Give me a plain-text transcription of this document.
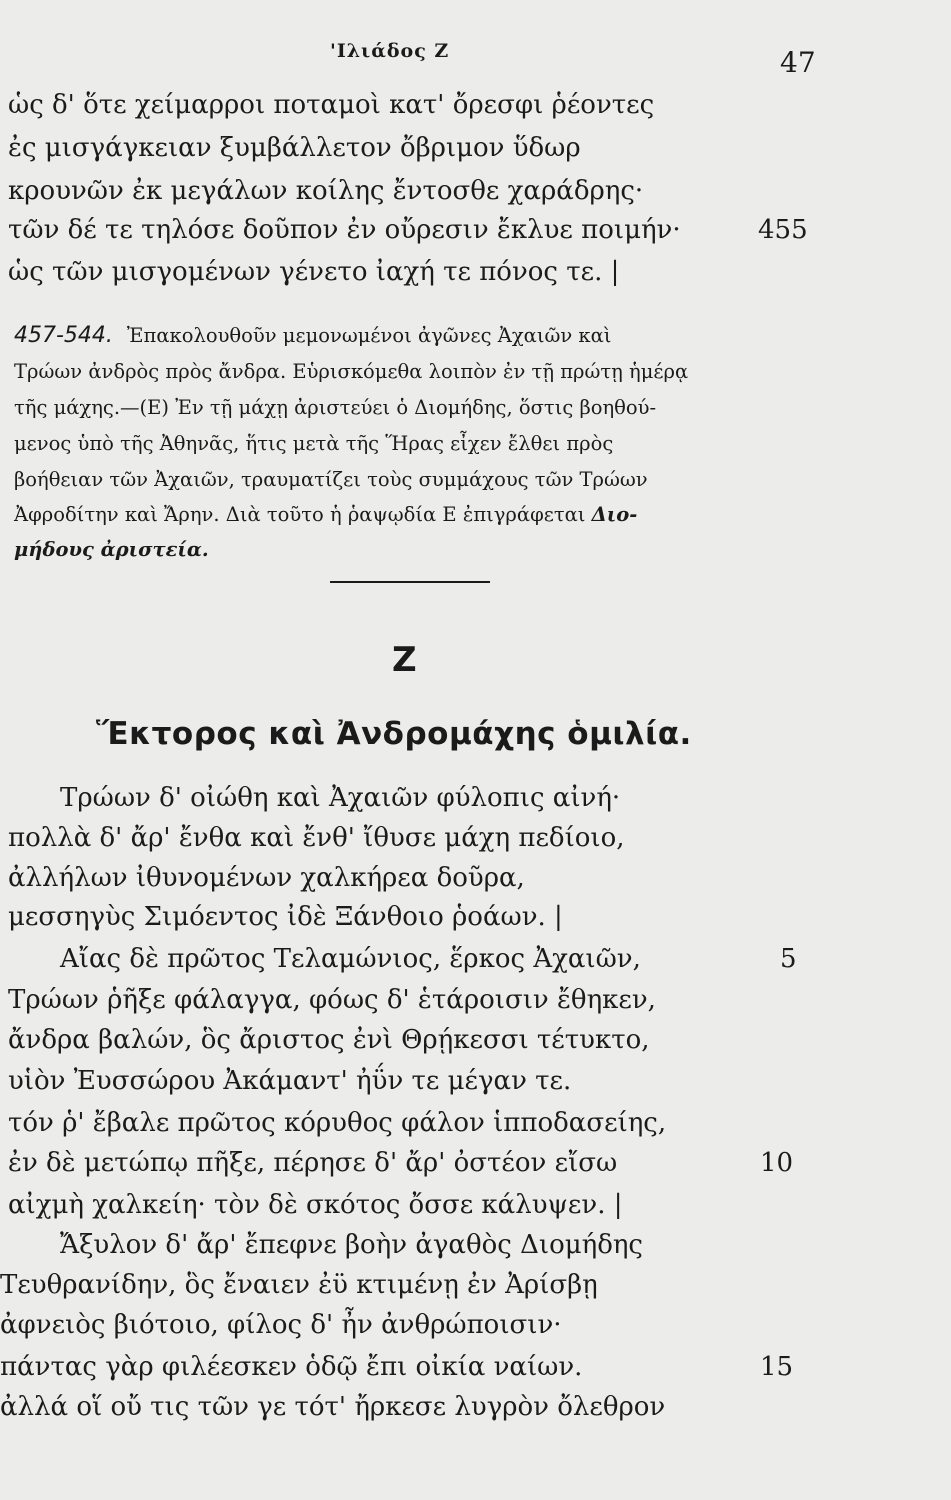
'Ιλιάδος Ζ	47
ὡς δ' ὅτε χείμαρροι ποταμοὶ κατ' ὄρεσφι ῥέοντες
ἐς μισγάγκειαν ξυμβάλλετον ὄβριμον ὕδωρ
κρουνῶν ἐκ μεγάλων κοίλης ἔντοσθε χαράδρης·
τῶν δέ τε τηλόσε δοῦπον ἐν οὔρεσιν ἔκλυε ποιμήν·	455
ὡς τῶν μισγομένων γένετο ἰαχή τε πόνος τε. |
457-544. Ἐπακολουθοῦν μεμονωμένοι ἀγῶνες Ἀχαιῶν καὶ
Τρώων ἀνδρὸς πρὸς ἄνδρα. Εὑρισκόμεθα λοιπὸν ἐν τῇ πρώτῃ ἡμέρᾳ
τῆς μάχης.—(Ε) Ἐν τῇ μάχῃ ἀριστεύει ὁ Διομήδης, ὅστις βοηθού-
μενος ὑπὸ τῆς Ἀθηνᾶς, ἥτις μετὰ τῆς Ἥρας εἶχεν ἔλθει πρὸς
βοήθειαν τῶν Ἀχαιῶν, τραυματίζει τοὺς συμμάχους τῶν Τρώων
Ἀφροδίτην καὶ Ἄρην. Διὰ τοῦτο ἡ ῥαψῳδία Ε ἐπιγράφεται Διο-
μήδους ἀριστεία.
Ζ
Ἕκτορος καὶ Ἀνδρομάχης ὁμιλία.
Τρώων δ' οἰώθη καὶ Ἀχαιῶν φύλοπις αἰνή·
πολλὰ δ' ἄρ' ἔνθα καὶ ἔνθ' ἴθυσε μάχη πεδίοιο,
ἀλλήλων ἰθυνομένων χαλκήρεα δοῦρα,
μεσσηγὺς Σιμόεντος ἰδὲ Ξάνθοιο ῥοάων. |
Αἴας δὲ πρῶτος Τελαμώνιος, ἕρκος Ἀχαιῶν,	5
Τρώων ῥῆξε φάλαγγα, φόως δ' ἑτάροισιν ἔθηκεν,
ἄνδρα βαλών, ὃς ἄριστος ἐνὶ Θρῄκεσσι τέτυκτο,
υἱὸν Ἐυσσώρου Ἀκάμαντ' ἠΰν τε μέγαν τε.
τόν ῥ' ἔβαλε πρῶτος κόρυθος φάλον ἱπποδασείης,
ἐν δὲ μετώπῳ πῆξε, πέρησε δ' ἄρ' ὀστέον εἴσω	10
αἰχμὴ χαλκείη· τὸν δὲ σκότος ὄσσε κάλυψεν. |
Ἄξυλον δ' ἄρ' ἔπεφνε βοὴν ἀγαθὸς Διομήδης
Τευθρανίδην, ὃς ἔναιεν ἐϋ κτιμένῃ ἐν Ἀρίσβῃ
ἀφνειὸς βιότοιο, φίλος δ' ἦν ἀνθρώποισιν·
πάντας γὰρ φιλέεσκεν ὁδῷ ἔπι οἰκία ναίων.	15
ἀλλά οἵ οὔ τις τῶν γε τότ' ἤρκεσε λυγρὸν ὄλεθρον
